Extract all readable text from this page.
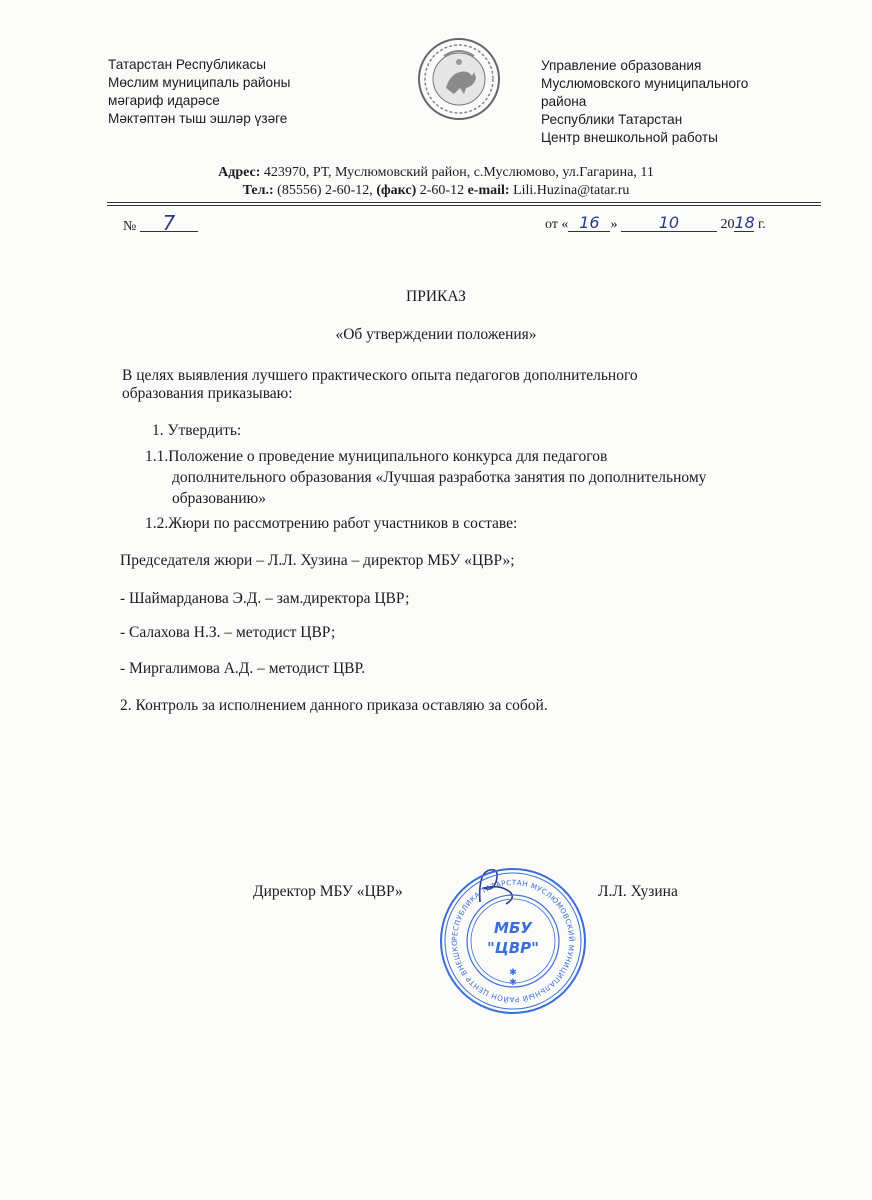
Татарстан Республикасы
Мөслим муниципаль районы
мәгариф идарәсе
Мәктәптән тыш эшләр үзәге
Управление образования
Муслюмовского муниципального
района
Республики Татарстан
Центр внешкольной работы
Адрес: 423970, РТ, Муслюмовский район, с.Муслюмово, ул.Гагарина, 11
Тел.: (85556) 2-60-12, (факс) 2-60-12 e-mail: Lili.Huzina@tatar.ru
№ 7	от « 16 »	10	2018 г.
ПРИКАЗ
«Об утверждении положения»
В целях выявления лучшего практического опыта педагогов дополнительного
образования приказываю:
1. Утвердить:
1.1.Положение о проведение муниципального конкурса для педагогов
дополнительного образования «Лучшая разработка занятия по дополнительному
образованию»
1.2.Жюри по рассмотрению работ участников в составе:
Председателя жюри – Л.Л. Хузина – директор МБУ «ЦВР»;
- Шаймарданова Э.Д. – зам.директора ЦВР;
- Салахова Н.З. – методист ЦВР;
- Миргалимова А.Д. – методист ЦВР.
2. Контроль за исполнением данного приказа оставляю за собой.
Директор МБУ «ЦВР»	Л.Л. Хузина
РЕСПУБЛИКА ТАТАРСТАН МУСЛЮМОВСКИЙ МУНИЦИПАЛЬНЫЙ РАЙОН ЦЕНТР ВНЕШКО
МБУ
"ЦВР"
✱
✱
